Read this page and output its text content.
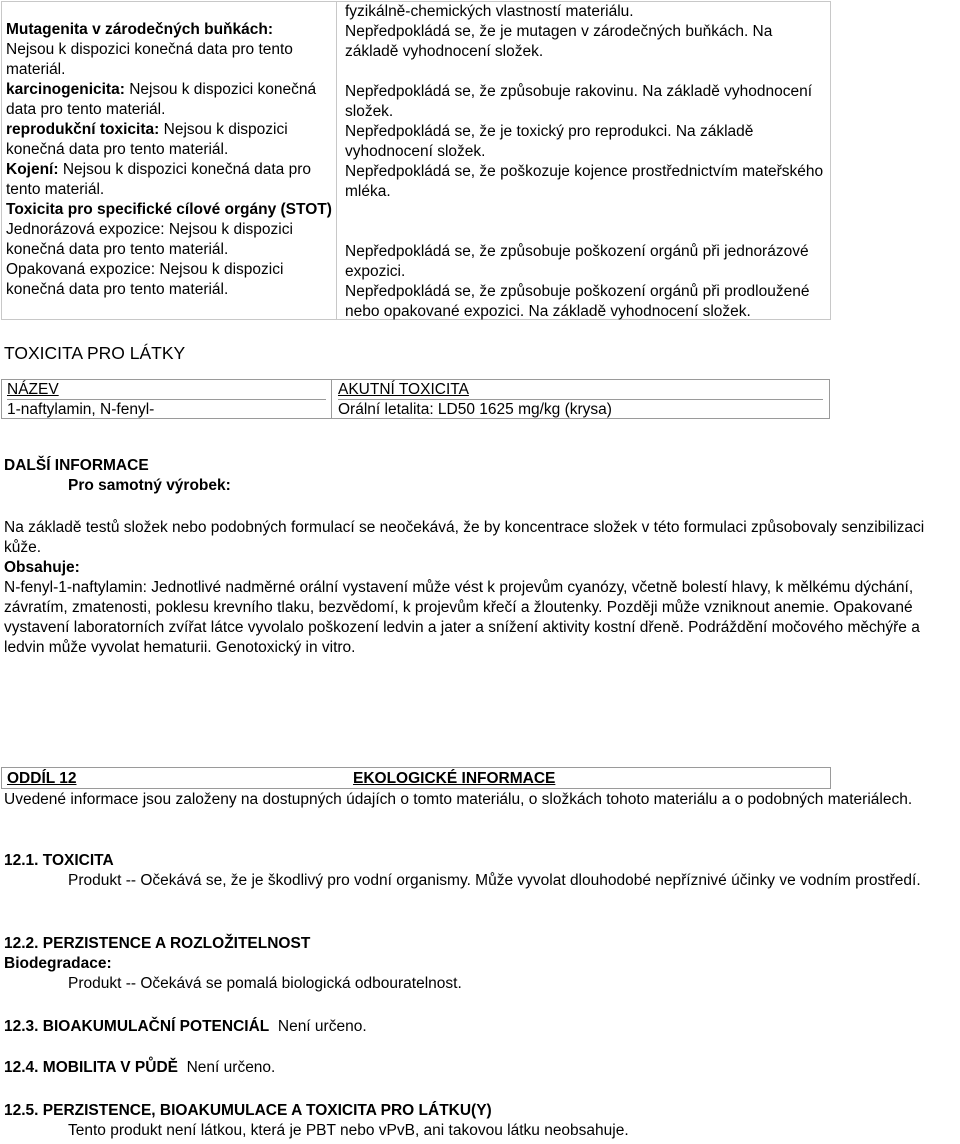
Mutagenita v zárodečných buňkách:
Nejsou k dispozici konečná data pro tento materiál.
karcinogenicita: Nejsou k dispozici konečná data pro tento materiál.
reprodukční toxicita: Nejsou k dispozici konečná data pro tento materiál.
Kojení: Nejsou k dispozici konečná data pro tento materiál.
Toxicita pro specifické cílové orgány (STOT)
Jednorázová expozice: Nejsou k dispozici konečná data pro tento materiál.
Opakovaná expozice: Nejsou k dispozici konečná data pro tento materiál.
fyzikálně-chemických vlastností materiálu.
Nepředpokládá se, že je mutagen v zárodečných buňkách. Na základě vyhodnocení složek.
Nepředpokládá se, že způsobuje rakovinu. Na základě vyhodnocení složek.
Nepředpokládá se, že je toxický pro reprodukci. Na základě vyhodnocení složek.
Nepředpokládá se, že poškozuje kojence prostřednictvím mateřského mléka.
Nepředpokládá se, že způsobuje poškození orgánů při jednorázové expozici.
Nepředpokládá se, že způsobuje poškození orgánů při prodloužené nebo opakované expozici. Na základě vyhodnocení složek.
TOXICITA PRO LÁTKY
NÁZEV
1-naftylamin, N-fenyl-
AKUTNÍ TOXICITA
Orální letalita: LD50 1625 mg/kg (krysa)
DALŠÍ INFORMACE
Pro samotný výrobek:
Na základě testů složek nebo podobných formulací se neočekává, že by koncentrace složek v této formulaci způsobovaly senzibilizaci kůže.
Obsahuje:
N-fenyl-1-naftylamin: Jednotlivé nadměrné orální vystavení může vést k projevům cyanózy, včetně bolestí hlavy, k mělkému dýchání, závratím, zmatenosti, poklesu krevního tlaku, bezvědomí, k projevům křečí a žloutenky. Později může vzniknout anemie. Opakované vystavení laboratorních zvířat látce vyvolalo poškození ledvin a jater a snížení aktivity kostní dřeně. Podráždění močového měchýře a ledvin může vyvolat hematurii. Genotoxický in vitro.
ODDÍL 12	EKOLOGICKÉ INFORMACE
Uvedené informace jsou založeny na dostupných údajích o tomto materiálu, o složkách tohoto materiálu a o podobných materiálech.
12.1. TOXICITA
Produkt -- Očekává se, že je škodlivý pro vodní organismy. Může vyvolat dlouhodobé nepříznivé účinky ve vodním prostředí.
12.2. PERZISTENCE A ROZLOŽITELNOST
Biodegradace:
Produkt -- Očekává se pomalá biologická odbouratelnost.
12.3. BIOAKUMULAČNÍ POTENCIÁL Není určeno.
12.4. MOBILITA V PŮDĚ Není určeno.
12.5. PERZISTENCE, BIOAKUMULACE A TOXICITA PRO LÁTKU(Y)
Tento produkt není látkou, která je PBT nebo vPvB, ani takovou látku neobsahuje.
